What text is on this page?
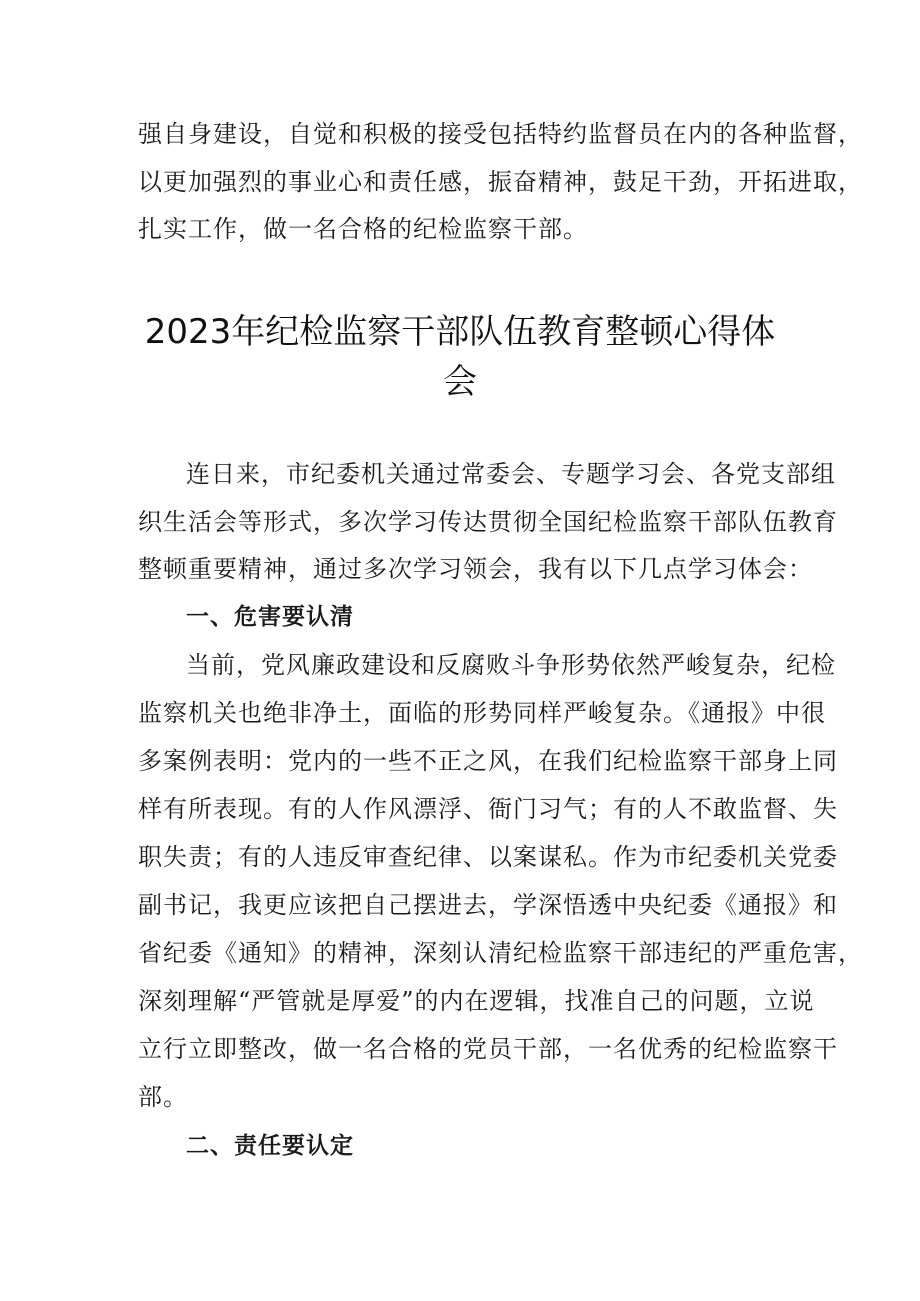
强自身建设，自觉和积极的接受包括特约监督员在内的各种监督，
以更加强烈的事业心和责任感，振奋精神，鼓足干劲，开拓进取，
扎实工作，做一名合格的纪检监察干部。
2023年纪检监察干部队伍教育整顿心得体
会
连日来，市纪委机关通过常委会、专题学习会、各党支部组
织生活会等形式，多次学习传达贯彻全国纪检监察干部队伍教育
整顿重要精神，通过多次学习领会，我有以下几点学习体会：
一、危害要认清
当前，党风廉政建设和反腐败斗争形势依然严峻复杂，纪检
监察机关也绝非净土，面临的形势同样严峻复杂。《通报》中很
多案例表明：党内的一些不正之风，在我们纪检监察干部身上同
样有所表现。有的人作风漂浮、衙门习气；有的人不敢监督、失
职失责；有的人违反审查纪律、以案谋私。作为市纪委机关党委
副书记，我更应该把自己摆进去，学深悟透中央纪委《通报》和
省纪委《通知》的精神，深刻认清纪检监察干部违纪的严重危害，
深刻理解“严管就是厚爱”的内在逻辑，找准自己的问题，立说
立行立即整改，做一名合格的党员干部，一名优秀的纪检监察干
部。
二、责任要认定
